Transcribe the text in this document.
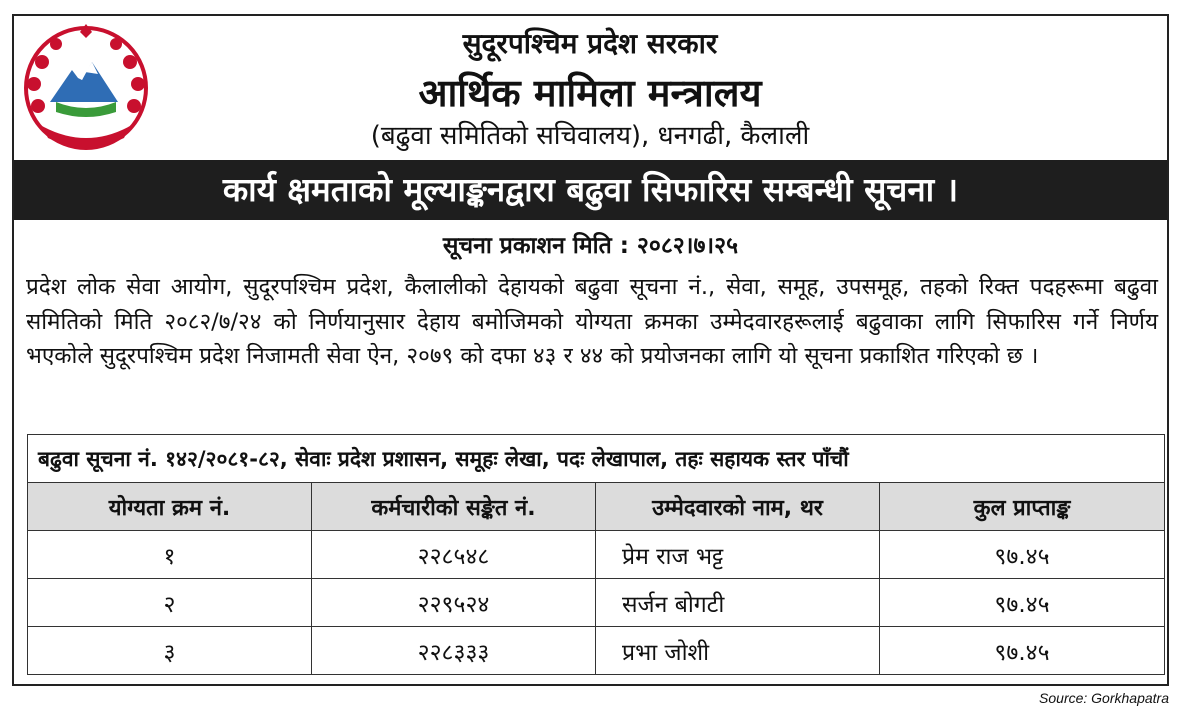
सुदूरपश्चिम प्रदेश सरकार
आर्थिक मामिला मन्त्रालय
(बढुवा समितिको सचिवालय), धनगढी, कैलाली
कार्य क्षमताको मूल्याङ्कनद्वारा बढुवा सिफारिस सम्बन्धी सूचना ।
सूचना प्रकाशन मिति : २०८२।७।२५

प्रदेश लोक सेवा आयोग, सुदूरपश्चिम प्रदेश, कैलालीको देहायको बढुवा सूचना नं., सेवा, समूह, उपसमूह, तहको रिक्त पदहरूमा बढुवा समितिको मिति २०८२/७/२४ को निर्णयानुसार देहाय बमोजिमको योग्यता क्रमका उम्मेदवारहरूलाई बढुवाका लागि सिफारिस गर्ने निर्णय भएकोले सुदूरपश्चिम प्रदेश निजामती सेवा ऐन, २०७९ को दफा ४३ र ४४ को प्रयोजनका लागि यो सूचना प्रकाशित गरिएको छ ।

बढुवा सूचना नं. १४२/२०८१-८२, सेवाः प्रदेश प्रशासन, समूहः लेखा, पदः लेखापाल, तहः सहायक स्तर पाँचौं			
योग्यता क्रम नं.	कर्मचारीको सङ्केत नं.	उम्मेदवारको नाम, थर	कुल प्राप्ताङ्क
१	२२८५४८	प्रेम राज भट्ट	९७.४५
२	२२९५२४	सर्जन बोगटी	९७.४५
३	२२८३३३	प्रभा जोशी	९७.४५
Source: Gorkhapatra
